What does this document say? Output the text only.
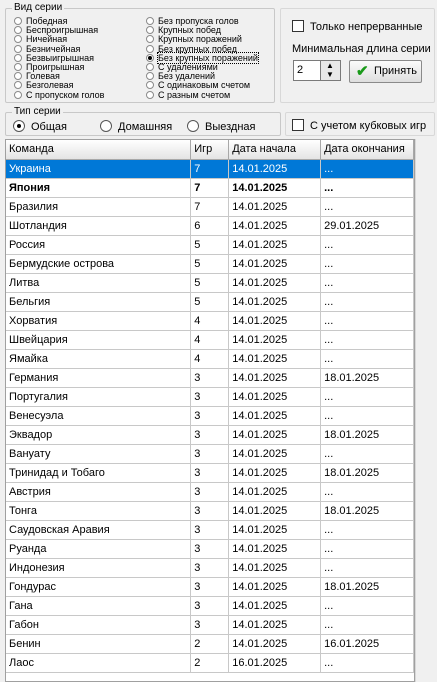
Вид серии
Победная
Беспроигрышная
Ничейная
Безничейная
Безвыигрышная
Проигрышная
Голевая
Безголевая
С пропуском голов
Без пропуска голов
Крупных побед
Крупных поражений
Без крупных побед
Без крупных поражений
С удалениями
Без удалений
С одинаковым счетом
С разным счетом
Только непрерванные
Минимальная длина серии
2	▲
▼ ✔ Принять
Тип серии
Общая	Домашняя	Выездная	С учетом кубковых игр
Команда	Игр	Дата начала	Дата окончания
Украина	7	14.01.2025	...
Япония	7	14.01.2025	...
Бразилия	7	14.01.2025	...
Шотландия	6	14.01.2025	29.01.2025
Россия	5	14.01.2025	...
Бермудские острова	5	14.01.2025	...
Литва	5	14.01.2025	...
Бельгия	5	14.01.2025	...
Хорватия	4	14.01.2025	...
Швейцария	4	14.01.2025	...
Ямайка	4	14.01.2025	...
Германия	3	14.01.2025	18.01.2025
Португалия	3	14.01.2025	...
Венесуэла	3	14.01.2025	...
Эквадор	3	14.01.2025	18.01.2025
Вануату	3	14.01.2025	...
Тринидад и Тобаго	3	14.01.2025	18.01.2025
Австрия	3	14.01.2025	...
Тонга	3	14.01.2025	18.01.2025
Саудовская Аравия	3	14.01.2025	...
Руанда	3	14.01.2025	...
Индонезия	3	14.01.2025	...
Гондурас	3	14.01.2025	18.01.2025
Гана	3	14.01.2025	...
Габон	3	14.01.2025	...
Бенин	2	14.01.2025	16.01.2025
Лаос	2	16.01.2025	...
